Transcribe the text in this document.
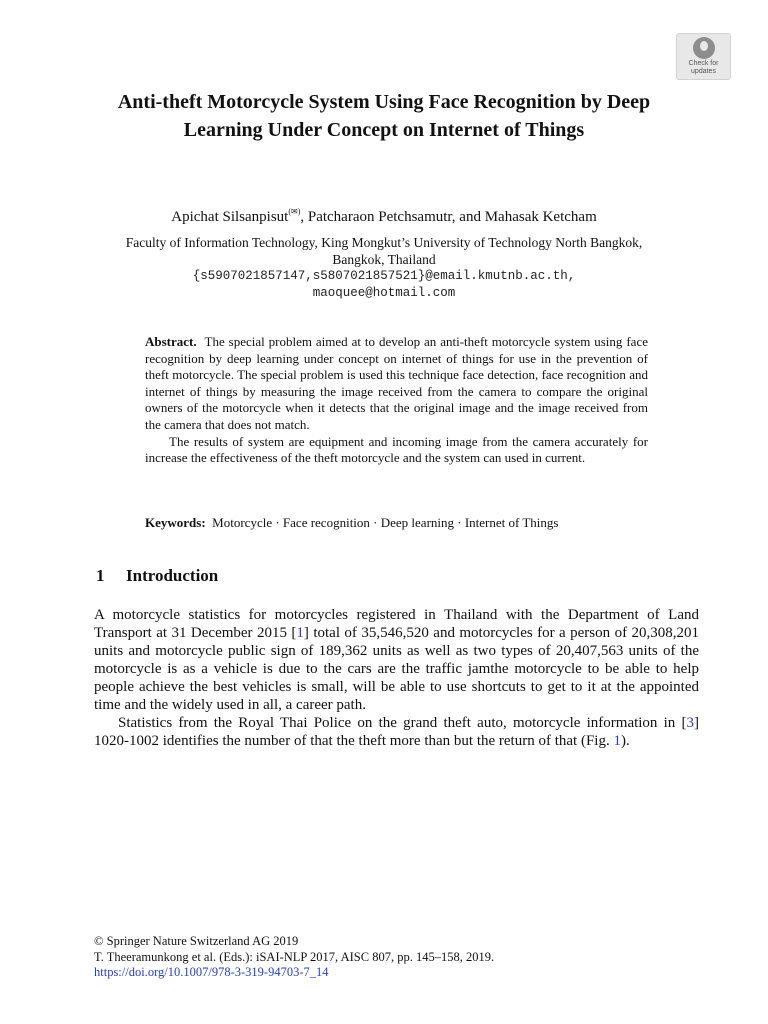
Check for
updates
Anti-theft Motorcycle System Using Face Recognition by Deep Learning Under Concept on Internet of Things
Apichat Silsanpisut(✉), Patcharaon Petchsamutr, and Mahasak Ketcham
Faculty of Information Technology, King Mongkut’s University of Technology North Bangkok,
Bangkok, Thailand
{s5907021857147,s5807021857521}@email.kmutnb.ac.th,
maoquee@hotmail.com

Abstract. The special problem aimed at to develop an anti-theft motorcycle system using face recognition by deep learning under concept on internet of things for use in the prevention of theft motorcycle. The special problem is used this technique face detection, face recognition and internet of things by measuring the image received from the camera to compare the original owners of the motorcycle when it detects that the original image and the image received from the camera that does not match.

The results of system are equipment and incoming image from the camera accurately for increase the effectiveness of the theft motorcycle and the system can used in current.

Keywords: Motorcycle · Face recognition · Deep learning · Internet of Things
1 Introduction

A motorcycle statistics for motorcycles registered in Thailand with the Department of Land Transport at 31 December 2015 [1] total of 35,546,520 and motorcycles for a person of 20,308,201 units and motorcycle public sign of 189,362 units as well as two types of 20,407,563 units of the motorcycle is as a vehicle is due to the cars are the traffic jamthe motorcycle to be able to help people achieve the best vehicles is small, will be able to use shortcuts to get to it at the appointed time and the widely used in all, a career path.

Statistics from the Royal Thai Police on the grand theft auto, motorcycle information in [3] 1020-1002 identifies the number of that the theft more than but the return of that (Fig. 1).

© Springer Nature Switzerland AG 2019
T. Theeramunkong et al. (Eds.): iSAI-NLP 2017, AISC 807, pp. 145–158, 2019.
https://doi.org/10.1007/978-3-319-94703-7_14
